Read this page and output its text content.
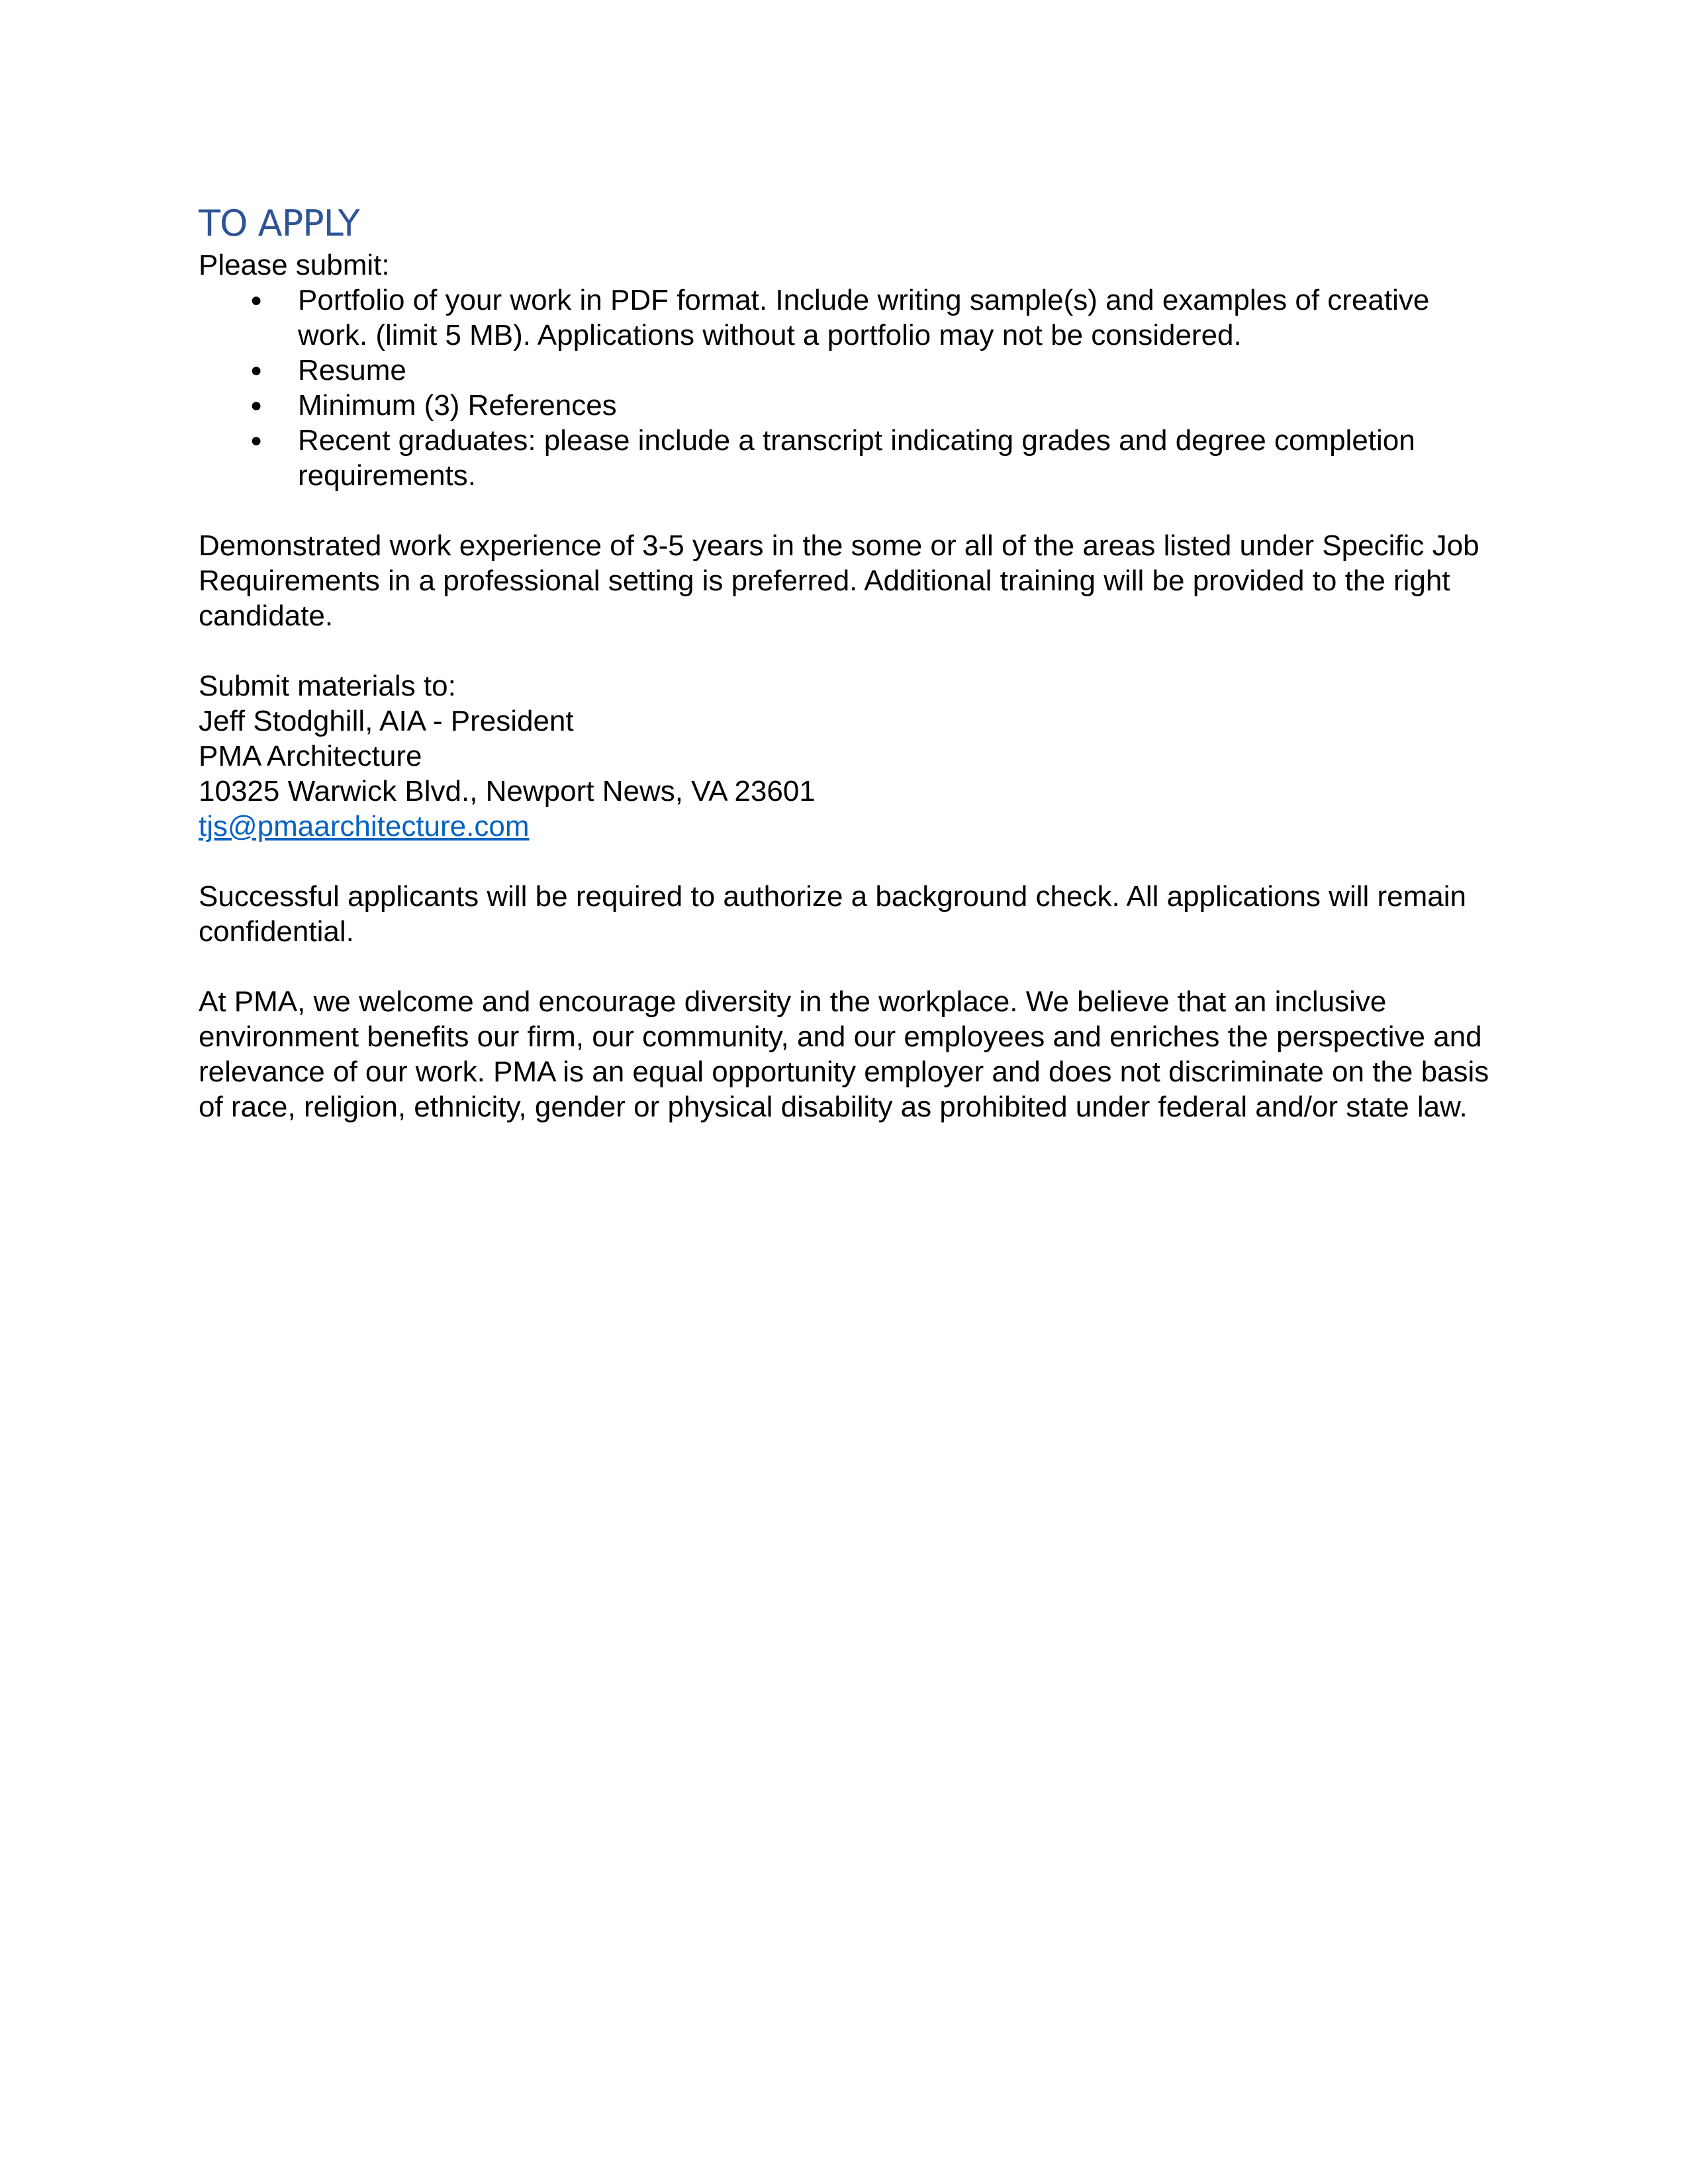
TO APPLY

Please submit:

● Portfolio of your work in PDF format. Include writing sample(s) and examples of creative work. (limit 5 MB). Applications without a portfolio may not be considered.
● Resume
● Minimum (3) References
● Recent graduates: please include a transcript indicating grades and degree completion requirements.

Demonstrated work experience of 3-5 years in the some or all of the areas listed under Specific Job Requirements in a professional setting is preferred. Additional training will be provided to the right candidate.

Submit materials to:
Jeff Stodghill, AIA - President
PMA Architecture
10325 Warwick Blvd., Newport News, VA 23601
tjs@pmaarchitecture.com

Successful applicants will be required to authorize a background check. All applications will remain confidential.

At PMA, we welcome and encourage diversity in the workplace. We believe that an inclusive environment benefits our firm, our community, and our employees and enriches the perspective and relevance of our work. PMA is an equal opportunity employer and does not discriminate on the basis of race, religion, ethnicity, gender or physical disability as prohibited under federal and/or state law.
